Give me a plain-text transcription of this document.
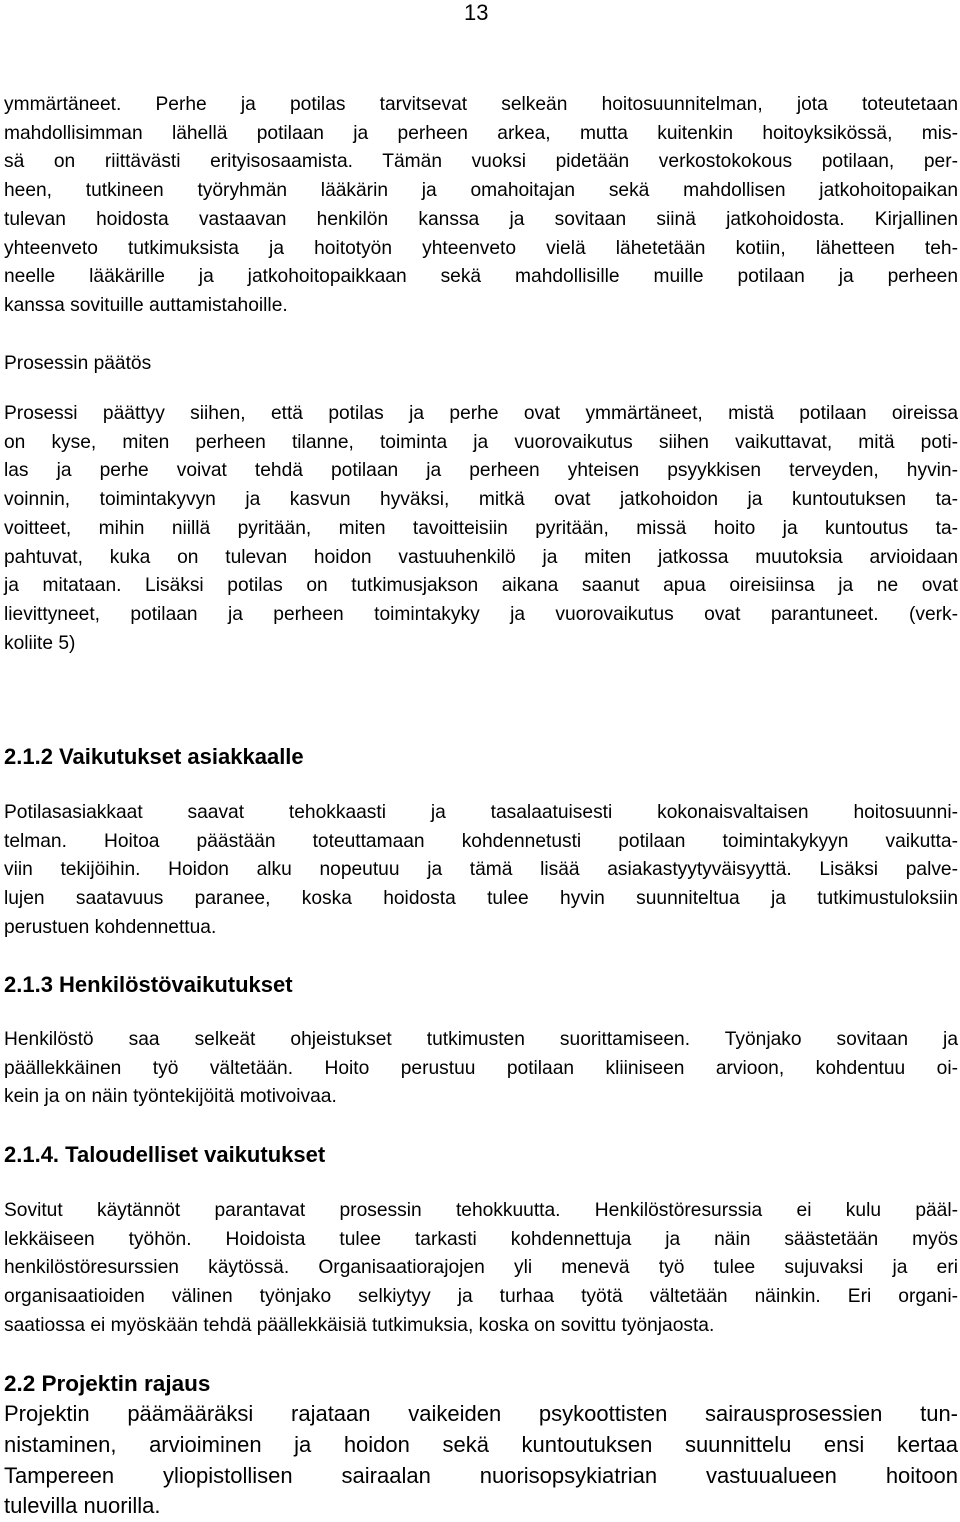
13
ymmärtäneet. Perhe ja potilas tarvitsevat selkeän hoitosuunnitelman, jota toteutetaan
mahdollisimman lähellä potilaan ja perheen arkea, mutta kuitenkin hoitoyksikössä, mis-
sä on riittävästi erityisosaamista. Tämän vuoksi pidetään verkostokokous potilaan, per-
heen, tutkineen työryhmän lääkärin ja omahoitajan sekä mahdollisen jatkohoitopaikan
tulevan hoidosta vastaavan henkilön kanssa ja sovitaan siinä jatkohoidosta. Kirjallinen
yhteenveto tutkimuksista ja hoitotyön yhteenveto vielä lähetetään kotiin, lähetteen teh-
neelle lääkärille ja jatkohoitopaikkaan sekä mahdollisille muille potilaan ja perheen
kanssa sovituille auttamistahoille.
Prosessin päätös
Prosessi päättyy siihen, että potilas ja perhe ovat ymmärtäneet, mistä potilaan oireissa
on kyse, miten perheen tilanne, toiminta ja vuorovaikutus siihen vaikuttavat, mitä poti-
las ja perhe voivat tehdä potilaan ja perheen yhteisen psyykkisen terveyden, hyvin-
voinnin, toimintakyvyn ja kasvun hyväksi, mitkä ovat jatkohoidon ja kuntoutuksen ta-
voitteet, mihin niillä pyritään, miten tavoitteisiin pyritään, missä hoito ja kuntoutus ta-
pahtuvat, kuka on tulevan hoidon vastuuhenkilö ja miten jatkossa muutoksia arvioidaan
ja mitataan. Lisäksi potilas on tutkimusjakson aikana saanut apua oireisiinsa ja ne ovat
lievittyneet, potilaan ja perheen toimintakyky ja vuorovaikutus ovat parantuneet. (verk-
koliite 5)
2.1.2 Vaikutukset asiakkaalle
Potilasasiakkaat saavat tehokkaasti ja tasalaatuisesti kokonaisvaltaisen hoitosuunni-
telman. Hoitoa päästään toteuttamaan kohdennetusti potilaan toimintakykyyn vaikutta-
viin tekijöihin. Hoidon alku nopeutuu ja tämä lisää asiakastyytyväisyyttä. Lisäksi palve-
lujen saatavuus paranee, koska hoidosta tulee hyvin suunniteltua ja tutkimustuloksiin
perustuen kohdennettua.
2.1.3 Henkilöstövaikutukset
Henkilöstö saa selkeät ohjeistukset tutkimusten suorittamiseen. Työnjako sovitaan ja
päällekkäinen työ vältetään. Hoito perustuu potilaan kliiniseen arvioon, kohdentuu oi-
kein ja on näin työntekijöitä motivoivaa.
2.1.4. Taloudelliset vaikutukset
Sovitut käytännöt parantavat prosessin tehokkuutta. Henkilöstöresurssia ei kulu pääl-
lekkäiseen työhön. Hoidoista tulee tarkasti kohdennettuja ja näin säästetään myös
henkilöstöresurssien käytössä. Organisaatiorajojen yli menevä työ tulee sujuvaksi ja eri
organisaatioiden välinen työnjako selkiytyy ja turhaa työtä vältetään näinkin. Eri organi-
saatiossa ei myöskään tehdä päällekkäisiä tutkimuksia, koska on sovittu työnjaosta.
2.2 Projektin rajaus
Projektin päämääräksi rajataan vaikeiden psykoottisten sairausprosessien tun-
nistaminen, arvioiminen ja hoidon sekä kuntoutuksen suunnittelu ensi kertaa
Tampereen yliopistollisen sairaalan nuorisopsykiatrian vastuualueen hoitoon
tulevilla nuorilla.
